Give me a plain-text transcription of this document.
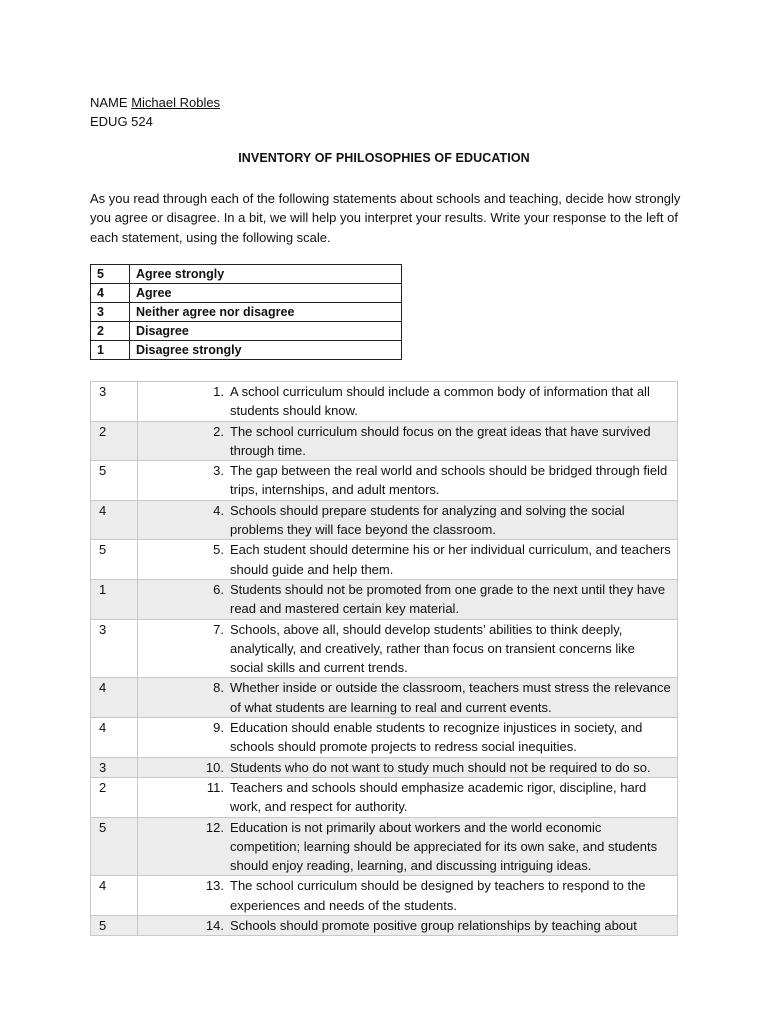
NAME Michael Robles
EDUG 524
INVENTORY OF PHILOSOPHIES OF EDUCATION

As you read through each of the following statements about schools and teaching, decide how strongly you agree or disagree. In a bit, we will help you interpret your results. Write your response to the left of each statement, using the following scale.

5	Agree strongly
4	Agree
3	Neither agree nor disagree
2	Disagree
1	Disagree strongly
3	1. A school curriculum should include a common body of information that all students should know.
2	2. The school curriculum should focus on the great ideas that have survived through time.
5	3. The gap between the real world and schools should be bridged through field trips, internships, and adult mentors.
4	4. Schools should prepare students for analyzing and solving the social problems they will face beyond the classroom.
5	5. Each student should determine his or her individual curriculum, and teachers should guide and help them.
1	6. Students should not be promoted from one grade to the next until they have read and mastered certain key material.
3	7. Schools, above all, should develop students’ abilities to think deeply, analytically, and creatively, rather than focus on transient concerns like social skills and current trends.
4	8. Whether inside or outside the classroom, teachers must stress the relevance of what students are learning to real and current events.
4	9. Education should enable students to recognize injustices in society, and schools should promote projects to redress social inequities.
3	10. Students who do not want to study much should not be required to do so.
2	11. Teachers and schools should emphasize academic rigor, discipline, hard work, and respect for authority.
5	12. Education is not primarily about workers and the world economic competition; learning should be appreciated for its own sake, and students should enjoy reading, learning, and discussing intriguing ideas.
4	13. The school curriculum should be designed by teachers to respond to the experiences and needs of the students.
5	14. Schools should promote positive group relationships by teaching about
